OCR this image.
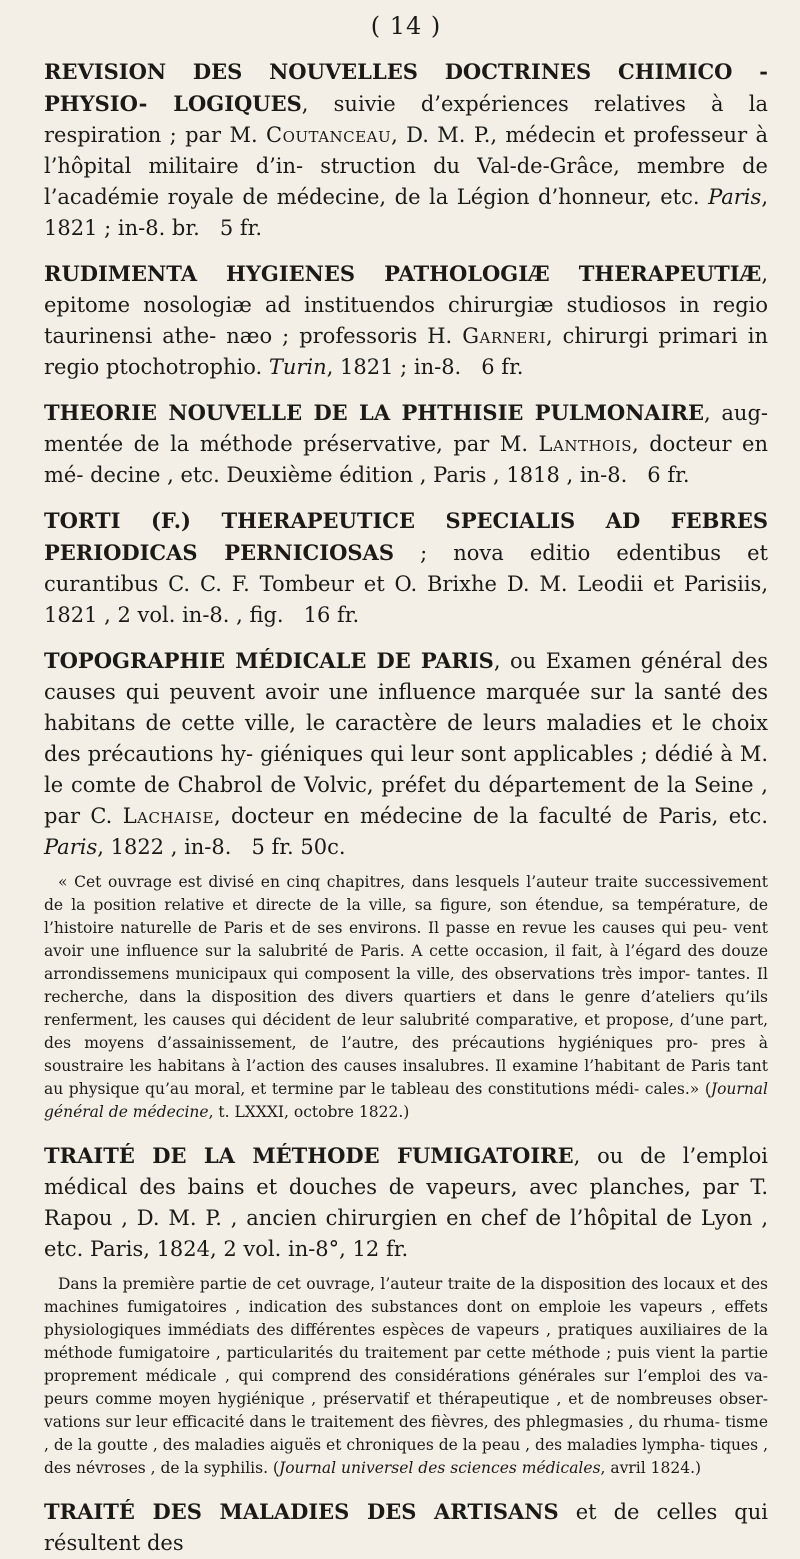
( 14 )

REVISION DES NOUVELLES DOCTRINES CHIMICO - PHYSIO- LOGIQUES, suivie d’expériences relatives à la respiration ; par M. Coutanceau, D. M. P., médecin et professeur à l’hôpital militaire d’in- struction du Val-de-Grâce, membre de l’académie royale de médecine, de la Légion d’honneur, etc. Paris, 1821 ; in-8. br. 5 fr.

RUDIMENTA HYGIENES PATHOLOGIÆ THERAPEUTIÆ, epitome nosologiæ ad instituendos chirurgiæ studiosos in regio taurinensi athe- næo ; professoris H. Garneri, chirurgi primari in regio ptochotrophio. Turin, 1821 ; in-8. 6 fr.

THEORIE NOUVELLE DE LA PHTHISIE PULMONAIRE, aug- mentée de la méthode préservative, par M. Lanthois, docteur en mé- decine , etc. Deuxième édition , Paris , 1818 , in-8. 6 fr.

TORTI (F.) THERAPEUTICE SPECIALIS AD FEBRES PERIODICAS PERNICIOSAS ; nova editio edentibus et curantibus C. C. F. Tombeur et O. Brixhe D. M. Leodii et Parisiis, 1821 , 2 vol. in-8. , fig. 16 fr.

TOPOGRAPHIE MÉDICALE DE PARIS, ou Examen général des causes qui peuvent avoir une influence marquée sur la santé des habitans de cette ville, le caractère de leurs maladies et le choix des précautions hy- giéniques qui leur sont applicables ; dédié à M. le comte de Chabrol de Volvic, préfet du département de la Seine , par C. Lachaise, docteur en médecine de la faculté de Paris, etc. Paris, 1822 , in-8. 5 fr. 50c.

« Cet ouvrage est divisé en cinq chapitres, dans lesquels l’auteur traite successivement de la position relative et directe de la ville, sa figure, son étendue, sa température, de l’histoire naturelle de Paris et de ses environs. Il passe en revue les causes qui peu- vent avoir une influence sur la salubrité de Paris. A cette occasion, il fait, à l’égard des douze arrondissemens municipaux qui composent la ville, des observations très impor- tantes. Il recherche, dans la disposition des divers quartiers et dans le genre d’ateliers qu’ils renferment, les causes qui décident de leur salubrité comparative, et propose, d’une part, des moyens d’assainissement, de l’autre, des précautions hygiéniques pro- pres à soustraire les habitans à l’action des causes insalubres. Il examine l’habitant de Paris tant au physique qu’au moral, et termine par le tableau des constitutions médi- cales.» (Journal général de médecine, t. LXXXI, octobre 1822.)

TRAITÉ DE LA MÉTHODE FUMIGATOIRE, ou de l’emploi médical des bains et douches de vapeurs, avec planches, par T. Rapou , D. M. P. , ancien chirurgien en chef de l’hôpital de Lyon , etc. Paris, 1824, 2 vol. in-8°, 12 fr.

Dans la première partie de cet ouvrage, l’auteur traite de la disposition des locaux et des machines fumigatoires , indication des substances dont on emploie les vapeurs , effets physiologiques immédiats des différentes espèces de vapeurs , pratiques auxiliaires de la méthode fumigatoire , particularités du traitement par cette méthode ; puis vient la partie proprement médicale , qui comprend des considérations générales sur l’emploi des va- peurs comme moyen hygiénique , préservatif et thérapeutique , et de nombreuses obser- vations sur leur efficacité dans le traitement des fièvres, des phlegmasies , du rhuma- tisme , de la goutte , des maladies aiguës et chroniques de la peau , des maladies lympha- tiques , des névroses , de la syphilis. (Journal universel des sciences médicales, avril 1824.)

TRAITÉ DES MALADIES DES ARTISANS et de celles qui résultent des
